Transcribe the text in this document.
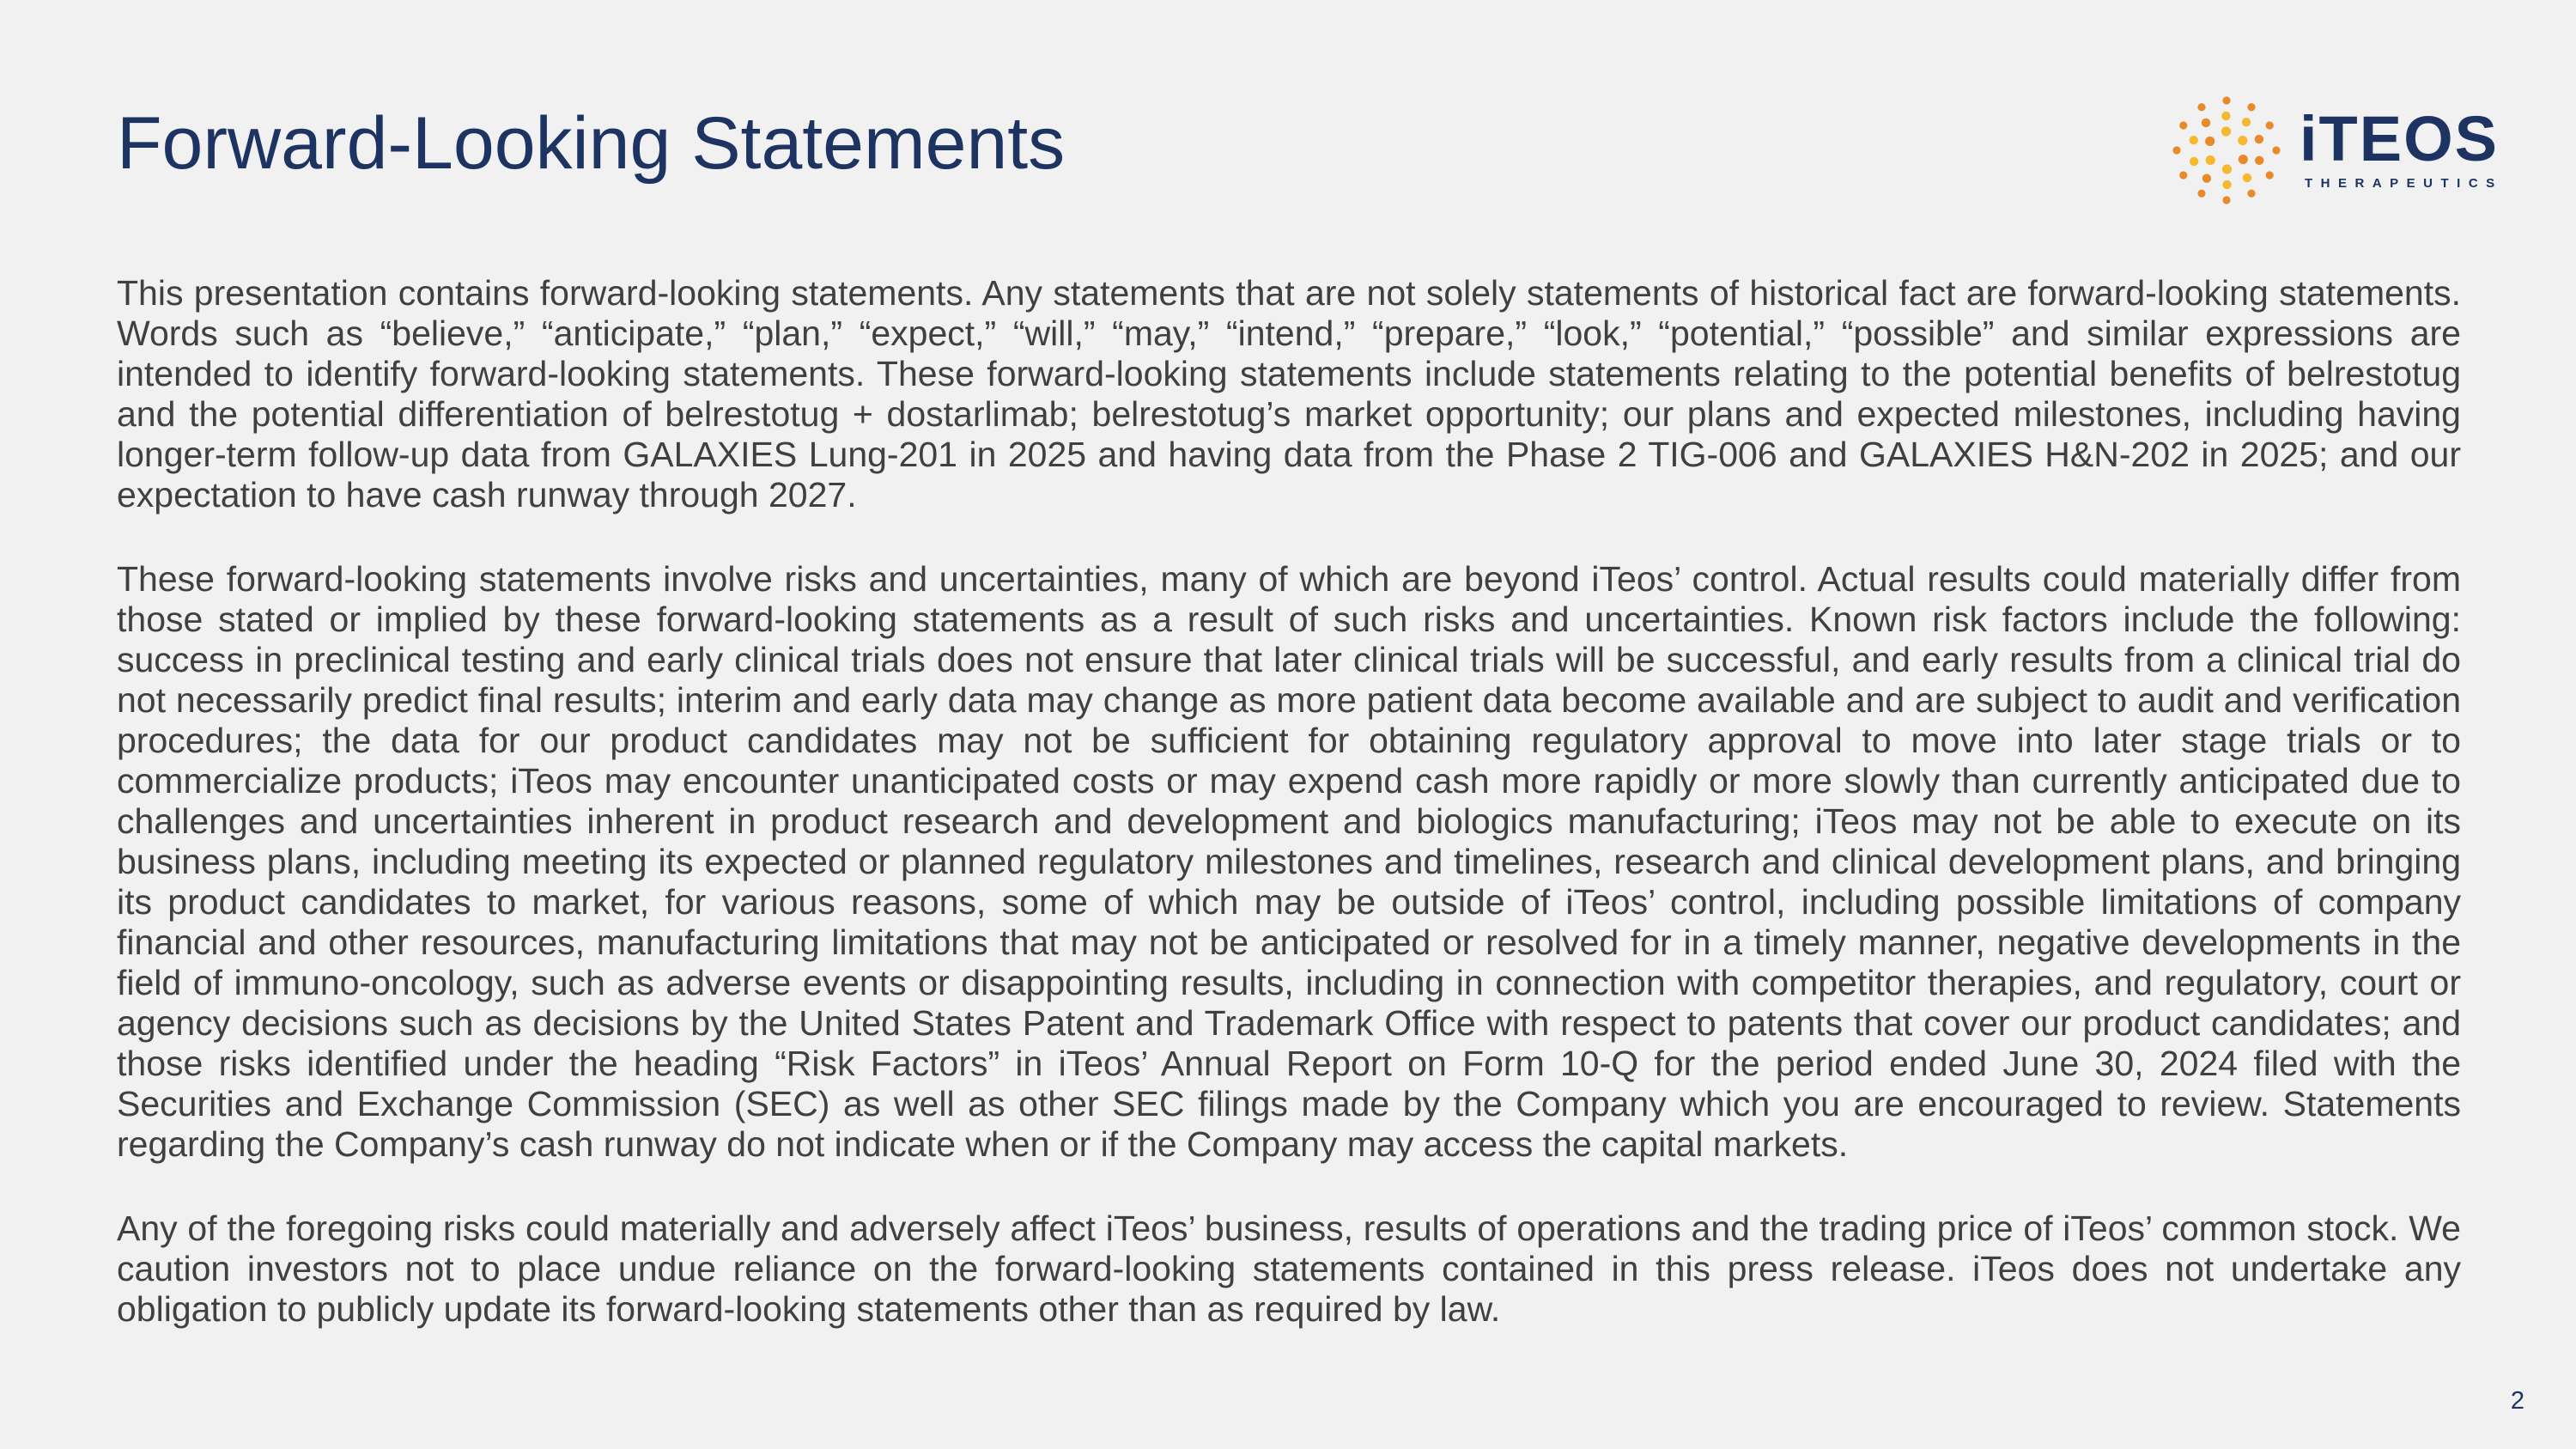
Forward-Looking Statements	iTEOS
THERAPEUTICS

This presentation contains forward-looking statements. Any statements that are not solely statements of historical fact are forward-looking statements. Words such as “believe,” “anticipate,” “plan,” “expect,” “will,” “may,” “intend,” “prepare,” “look,” “potential,” “possible” and similar expressions are intended to identify forward-looking statements. These forward-looking statements include statements relating to the potential benefits of belrestotug and the potential differentiation of belrestotug + dostarlimab; belrestotug’s market opportunity; our plans and expected milestones, including having longer-term follow-up data from GALAXIES Lung-201 in 2025 and having data from the Phase 2 TIG-006 and GALAXIES H&N-202 in 2025; and our expectation to have cash runway through 2027.

These forward-looking statements involve risks and uncertainties, many of which are beyond iTeos’ control. Actual results could materially differ from those stated or implied by these forward-looking statements as a result of such risks and uncertainties. Known risk factors include the following: success in preclinical testing and early clinical trials does not ensure that later clinical trials will be successful, and early results from a clinical trial do not necessarily predict final results; interim and early data may change as more patient data become available and are subject to audit and verification procedures; the data for our product candidates may not be sufficient for obtaining regulatory approval to move into later stage trials or to commercialize products; iTeos may encounter unanticipated costs or may expend cash more rapidly or more slowly than currently anticipated due to challenges and uncertainties inherent in product research and development and biologics manufacturing; iTeos may not be able to execute on its business plans, including meeting its expected or planned regulatory milestones and timelines, research and clinical development plans, and bringing its product candidates to market, for various reasons, some of which may be outside of iTeos’ control, including possible limitations of company financial and other resources, manufacturing limitations that may not be anticipated or resolved for in a timely manner, negative developments in the field of immuno-oncology, such as adverse events or disappointing results, including in connection with competitor therapies, and regulatory, court or agency decisions such as decisions by the United States Patent and Trademark Office with respect to patents that cover our product candidates; and those risks identified under the heading “Risk Factors” in iTeos’ Annual Report on Form 10-Q for the period ended June 30, 2024 filed with the Securities and Exchange Commission (SEC) as well as other SEC filings made by the Company which you are encouraged to review. Statements regarding the Company’s cash runway do not indicate when or if the Company may access the capital markets.

Any of the foregoing risks could materially and adversely affect iTeos’ business, results of operations and the trading price of iTeos’ common stock. We caution investors not to place undue reliance on the forward-looking statements contained in this press release. iTeos does not undertake any obligation to publicly update its forward-looking statements other than as required by law.

2
